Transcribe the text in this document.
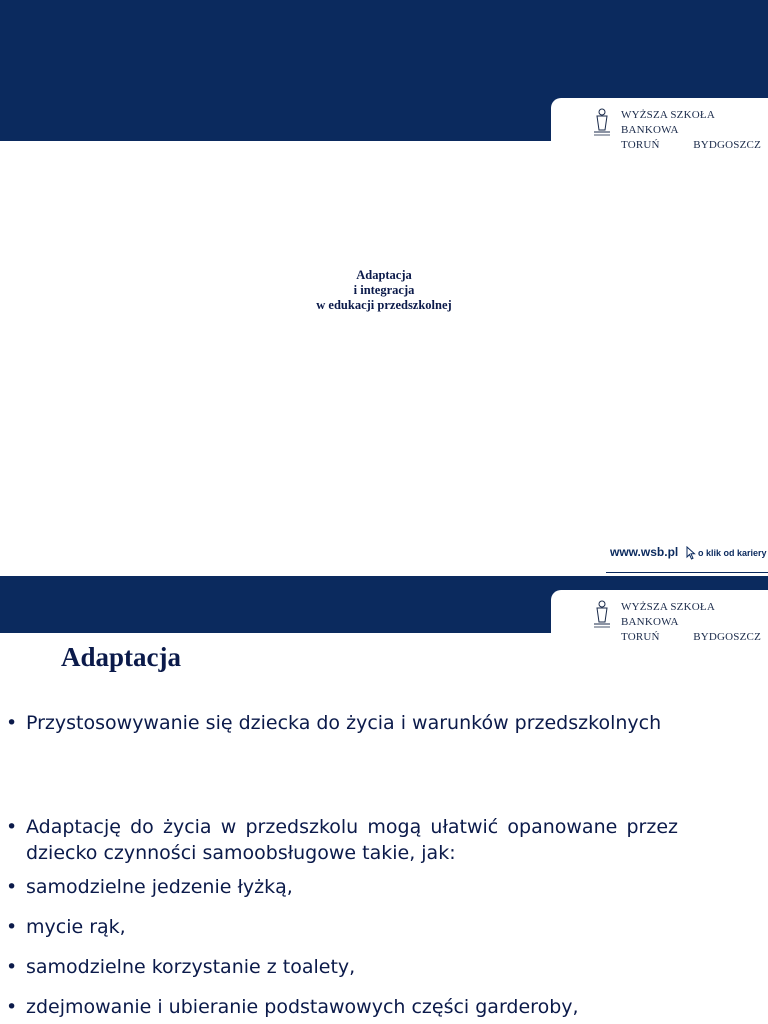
WYŻSZA SZKOŁA BANKOWA
TORUŃ	BYDGOSZCZ
Adaptacja
i integracja
w edukacji przedszkolnej
www.wsb.pl o klik od kariery
WYŻSZA SZKOŁA BANKOWA
TORUŃ	BYDGOSZCZ
Adaptacja
• Przystosowywanie się dziecka do życia i warunków przedszkolnych
• Adaptację do życia w przedszkolu mogą ułatwić opanowane przez dziecko czynności samoobsługowe takie, jak:
• samodzielne jedzenie łyżką,
• mycie rąk,
• samodzielne korzystanie z toalety,
• zdejmowanie i ubieranie podstawowych części garderoby,
